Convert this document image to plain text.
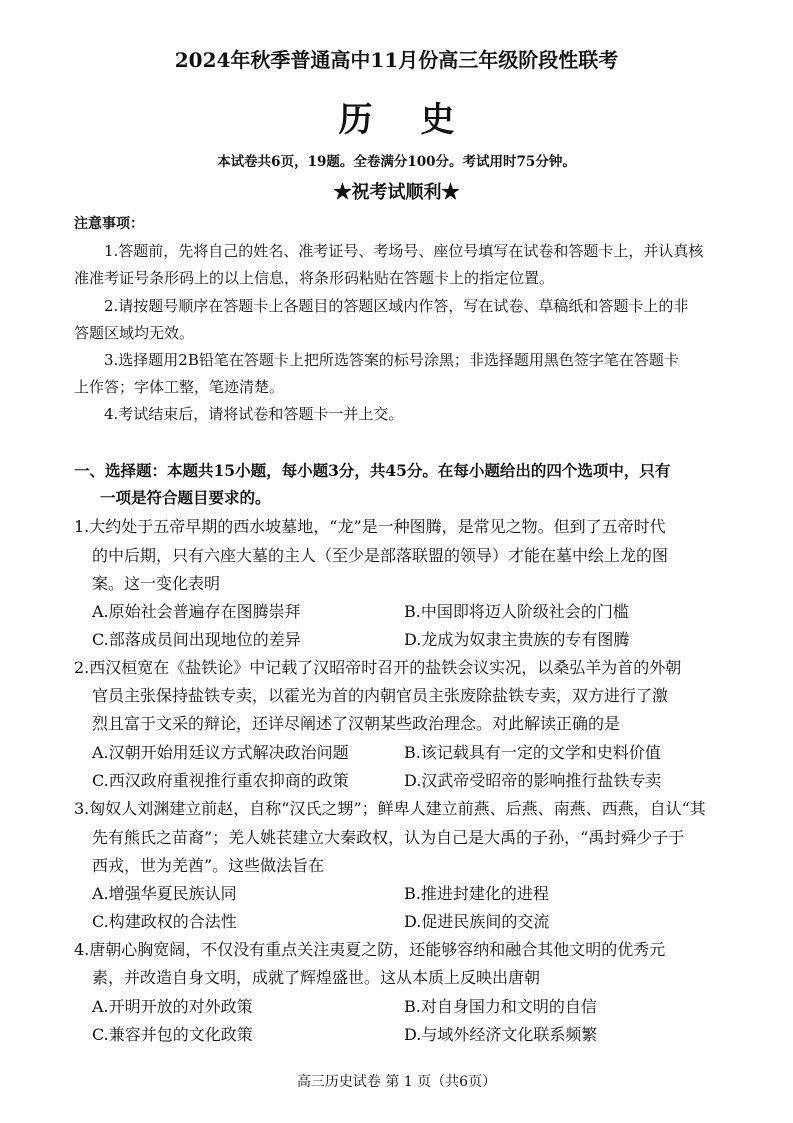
2024年秋季普通高中11月份高三年级阶段性联考
历史
本试卷共6页，19题。全卷满分100分。考试用时75分钟。
★祝考试顺利★
注意事项：
1.答题前，先将自己的姓名、准考证号、考场号、座位号填写在试卷和答题卡上，并认真核
准准考证号条形码上的以上信息，将条形码粘贴在答题卡上的指定位置。
2.请按题号顺序在答题卡上各题目的答题区域内作答，写在试卷、草稿纸和答题卡上的非
答题区域均无效。
3.选择题用2B铅笔在答题卡上把所选答案的标号涂黑；非选择题用黑色签字笔在答题卡
上作答；字体工整，笔迹清楚。
4.考试结束后，请将试卷和答题卡一并上交。
一、选择题：本题共15小题，每小题3分，共45分。在每小题给出的四个选项中，只有
一项是符合题目要求的。
1.大约处于五帝早期的西水坡墓地，“龙”是一种图腾，是常见之物。但到了五帝时代
的中后期，只有六座大墓的主人（至少是部落联盟的领导）才能在墓中绘上龙的图
案。这一变化表明
A.原始社会普遍存在图腾崇拜	B.中国即将迈人阶级社会的门槛
C.部落成员间出现地位的差异	D.龙成为奴隶主贵族的专有图腾
2.西汉桓宽在《盐铁论》中记载了汉昭帝时召开的盐铁会议实况，以桑弘羊为首的外朝
官员主张保持盐铁专卖，以霍光为首的内朝官员主张废除盐铁专卖，双方进行了激
烈且富于文采的辩论，还详尽阐述了汉朝某些政治理念。对此解读正确的是
A.汉朝开始用廷议方式解决政治问题	B.该记载具有一定的文学和史料价值
C.西汉政府重视推行重农抑商的政策	D.汉武帝受昭帝的影响推行盐铁专卖
3.匈奴人刘渊建立前赵，自称“汉氏之甥”；鲜卑人建立前燕、后燕、南燕、西燕，自认“其
先有熊氏之苗裔”；羌人姚苌建立大秦政权，认为自己是大禹的子孙，“禹封舜少子于
西戎，世为羌酋”。这些做法旨在
A.增强华夏民族认同	B.推进封建化的进程
C.构建政权的合法性	D.促进民族间的交流
4.唐朝心胸宽阔，不仅没有重点关注夷夏之防，还能够容纳和融合其他文明的优秀元
素，并改造自身文明，成就了辉煌盛世。这从本质上反映出唐朝
A.开明开放的对外政策	B.对自身国力和文明的自信
C.兼容并包的文化政策	D.与域外经济文化联系频繁
高三历史试卷 第 1 页（共6页）
